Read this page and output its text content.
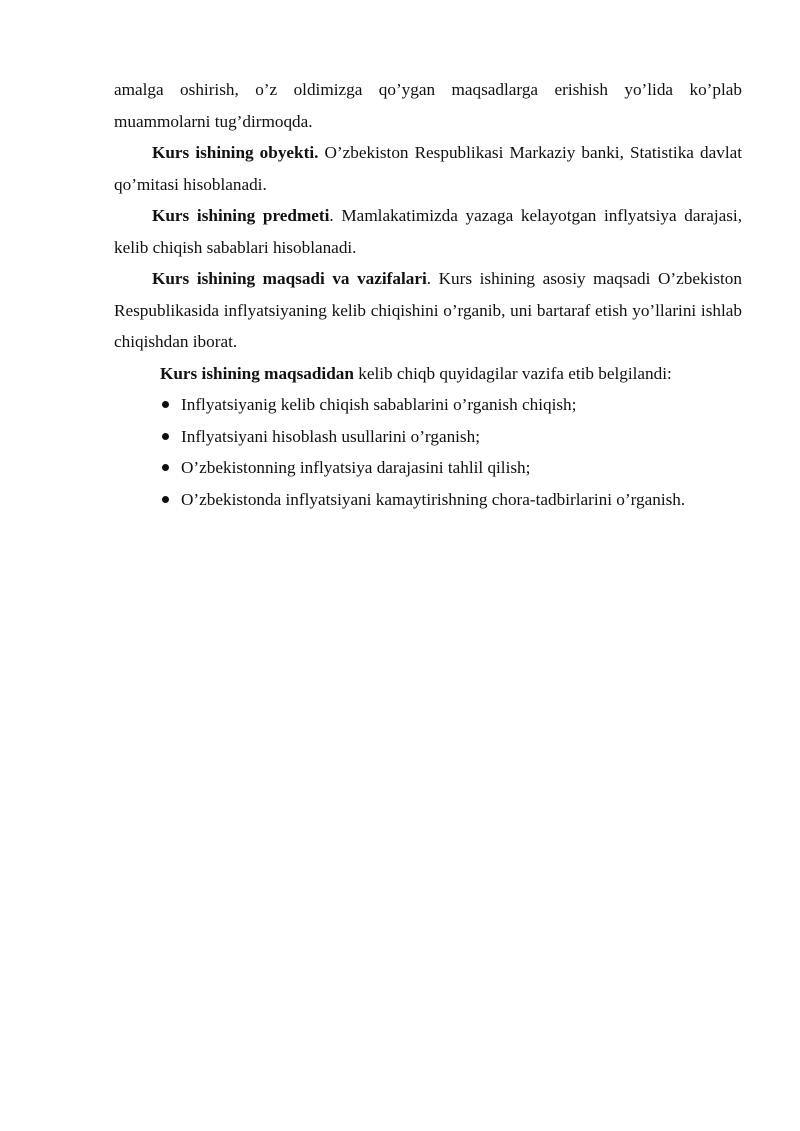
amalga oshirish, o’z oldimizga qo’ygan maqsadlarga erishish yo’lida ko’plab muammolarni tug’dirmoqda.

Kurs ishining obyekti. O’zbekiston Respublikasi Markaziy banki, Statistika davlat qo’mitasi hisoblanadi.

Kurs ishining predmeti. Mamlakatimizda yazaga kelayotgan inflyatsiya darajasi, kelib chiqish sabablari hisoblanadi.

Kurs ishining maqsadi va vazifalari. Kurs ishining asosiy maqsadi O’zbekiston Respublikasida inflyatsiyaning kelib chiqishini o’rganib, uni bartaraf etish yo’llarini ishlab chiqishdan iborat.

Kurs ishining maqsadidan kelib chiqb quyidagilar vazifa etib belgilandi:

Inflyatsiyanig kelib chiqish sabablarini o’rganish chiqish;
Inflyatsiyani hisoblash usullarini o’rganish;
O’zbekistonning inflyatsiya darajasini tahlil qilish;
O’zbekistonda inflyatsiyani kamaytirishning chora-tadbirlarini o’rganish.
